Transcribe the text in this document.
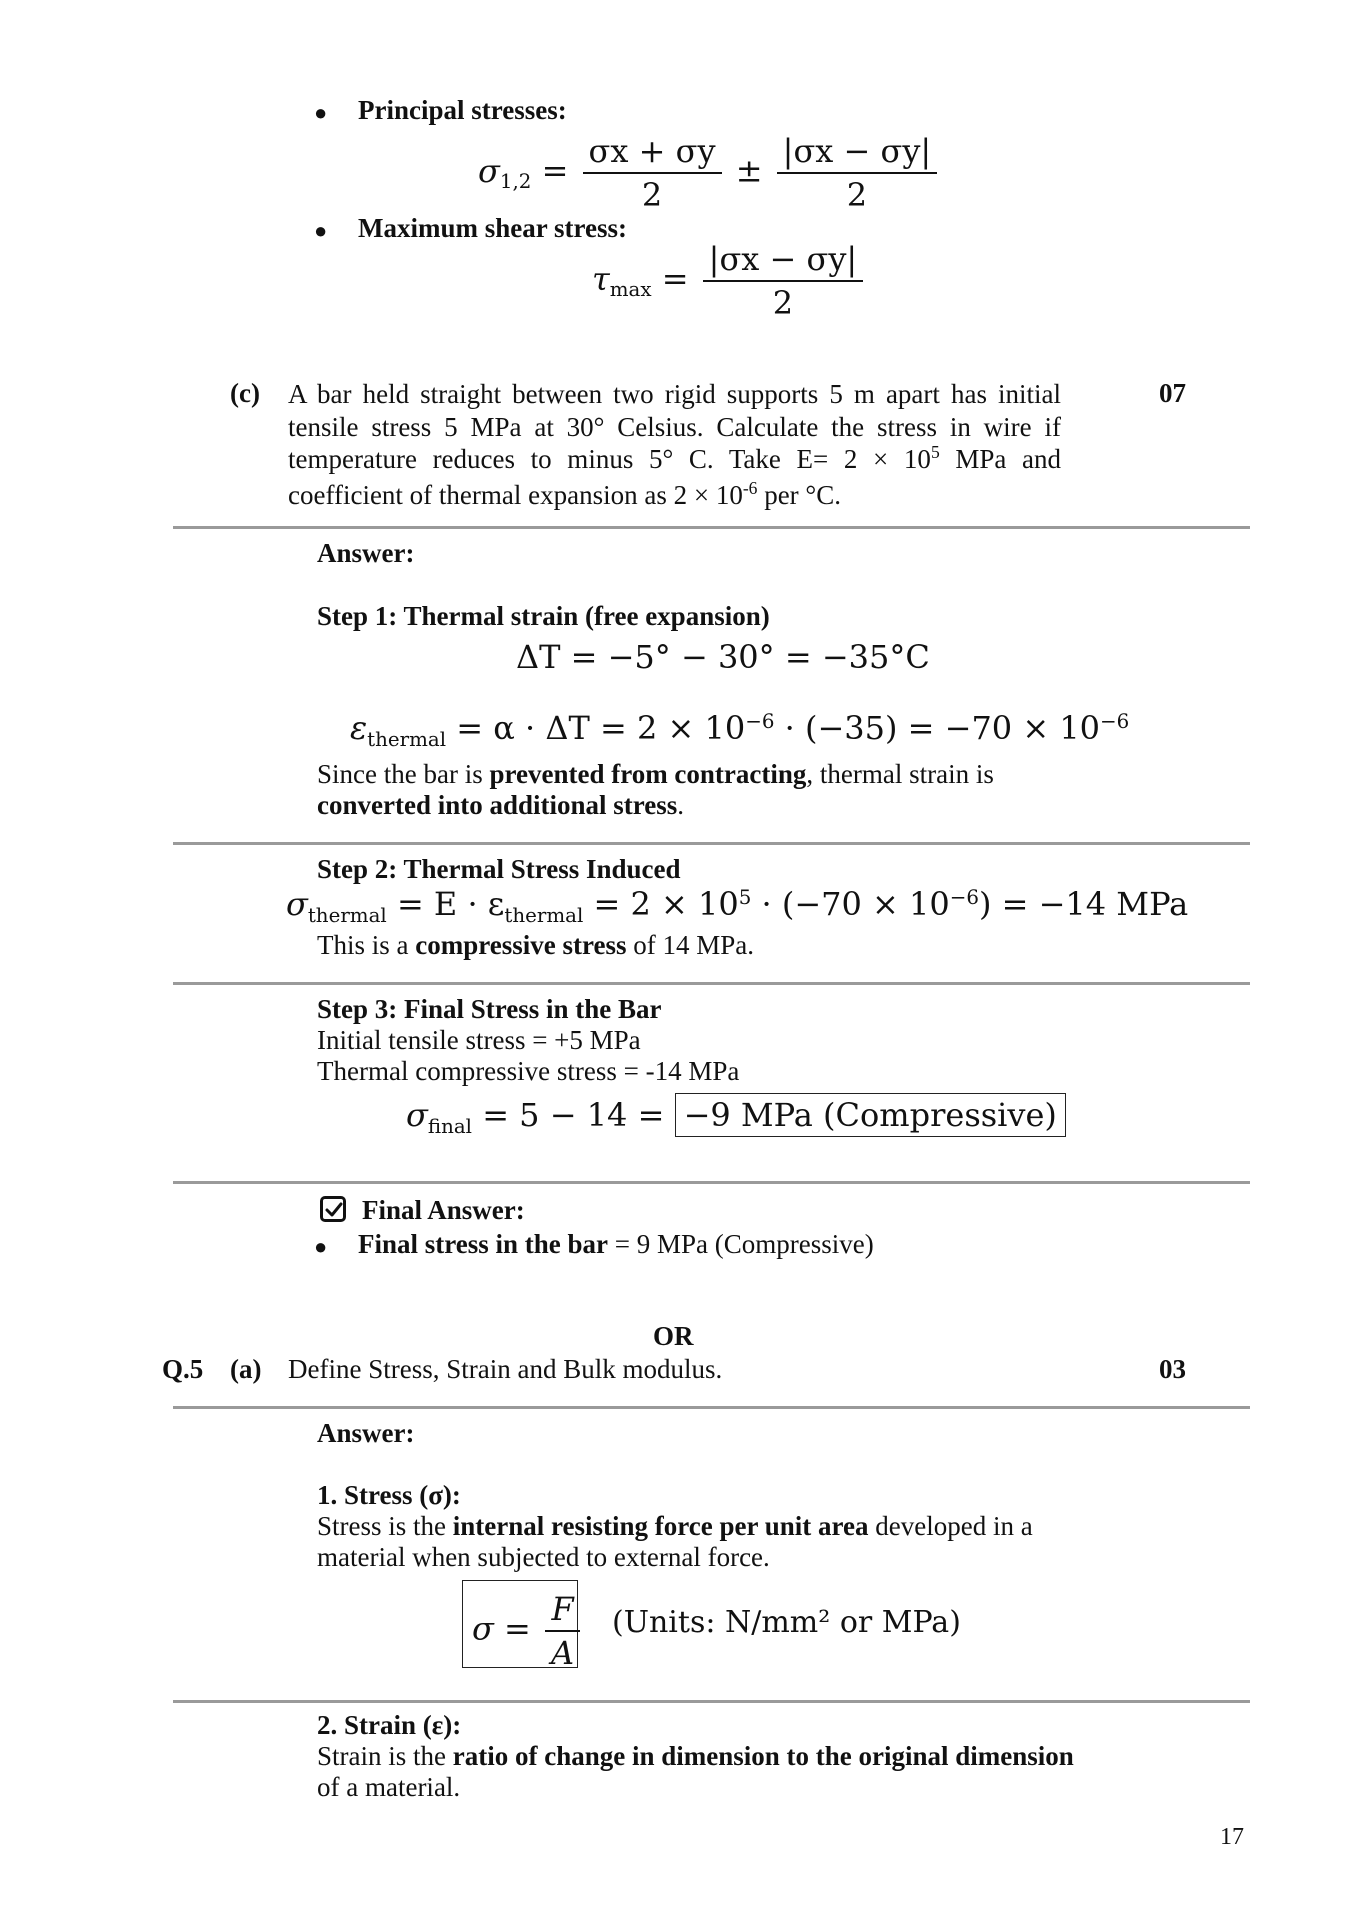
● Principal stresses:
$\sigma_{1,2} = \frac{\sigma x + \sigma y}{2} \pm \frac{|\sigma x - \sigma y|}{2}$
● Maximum shear stress:
$\tau_{max} = \frac{|\sigma x - \sigma y|}{2}$
(c) A bar held straight between two rigid supports 5 m apart has initial
tensile stress 5 MPa at 30° Celsius. Calculate the stress in wire if
temperature reduces to minus 5° C. Take $E= 2 \times 10^5$ MPa and
coefficient of thermal expansion as $2 \times 10^{-6}$ per °C.
07
Answer:
Step 1: Thermal strain (free expansion)
ΔT = −5° − 30° = −35°C
$\varepsilon_{thermal} = \alpha \cdot \Delta T = 2 \times 10^{-6} \cdot (-35) = -70 \times 10^{-6}$
Since the bar is prevented from contracting, thermal strain is
converted into additional stress.
Step 2: Thermal Stress Induced
$\sigma_{thermal} = E \cdot \varepsilon_{thermal} = 2 \times 10^5 \cdot (-70 \times 10^{-6}) = -14$ MPa
This is a compressive stress of 14 MPa.
Step 3: Final Stress in the Bar
Initial tensile stress = +5 MPa
Thermal compressive stress = -14 MPa
$\sigma_{final} = 5 - 14 = -9$ MPa (Compressive)
Final Answer:
● Final stress in the bar = 9 MPa (Compressive)
OR
Q.5 (a) Define Stress, Strain and Bulk modulus.	03
Answer:
1. Stress (σ):
Stress is the internal resisting force per unit area developed in a
material when subjected to external force.
$\sigma = \frac{F}{A}$ (Units: N/mm² or MPa)
2. Strain (ε):
Strain is the ratio of change in dimension to the original dimension
of a material.
17
